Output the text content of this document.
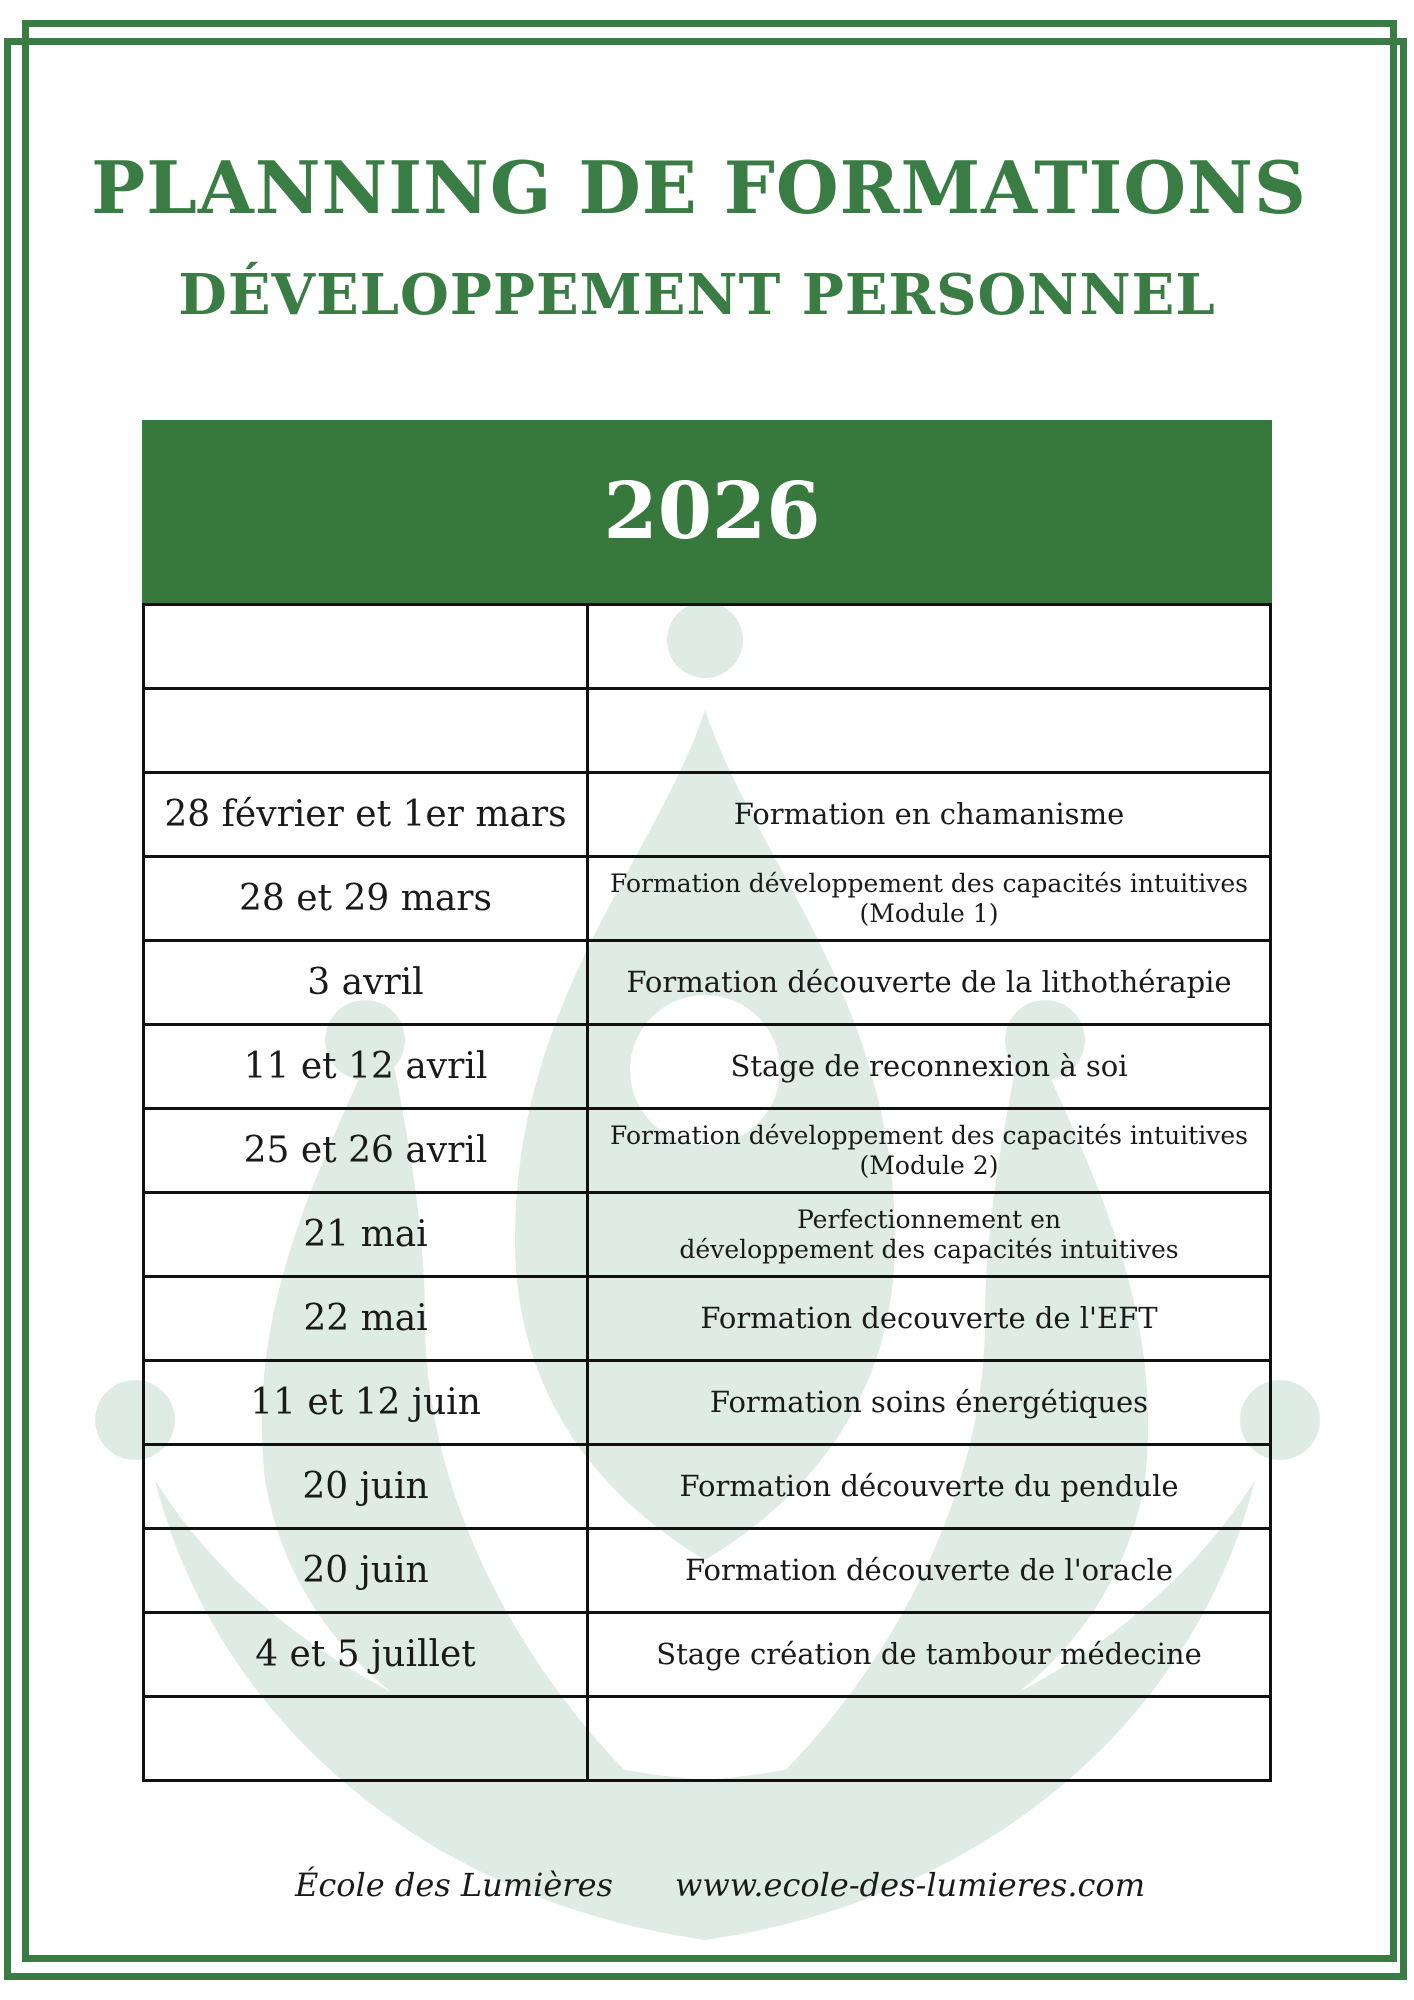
PLANNING DE FORMATIONS
DÉVELOPPEMENT PERSONNEL
2026

28 février et 1er mars	Formation en chamanisme
28 et 29 mars	Formation développement des capacités intuitives
(Module 1)
3 avril	Formation découverte de la lithothérapie
11 et 12 avril	Stage de reconnexion à soi
25 et 26 avril	Formation développement des capacités intuitives
(Module 2)
21 mai	Perfectionnement en
développement des capacités intuitives
22 mai	Formation decouverte de l'EFT
11 et 12 juin	Formation soins énergétiques
20 juin	Formation découverte du pendule
20 juin	Formation découverte de l'oracle
4 et 5 juillet	Stage création de tambour médecine

École des Lumières www.ecole-des-lumieres.com
